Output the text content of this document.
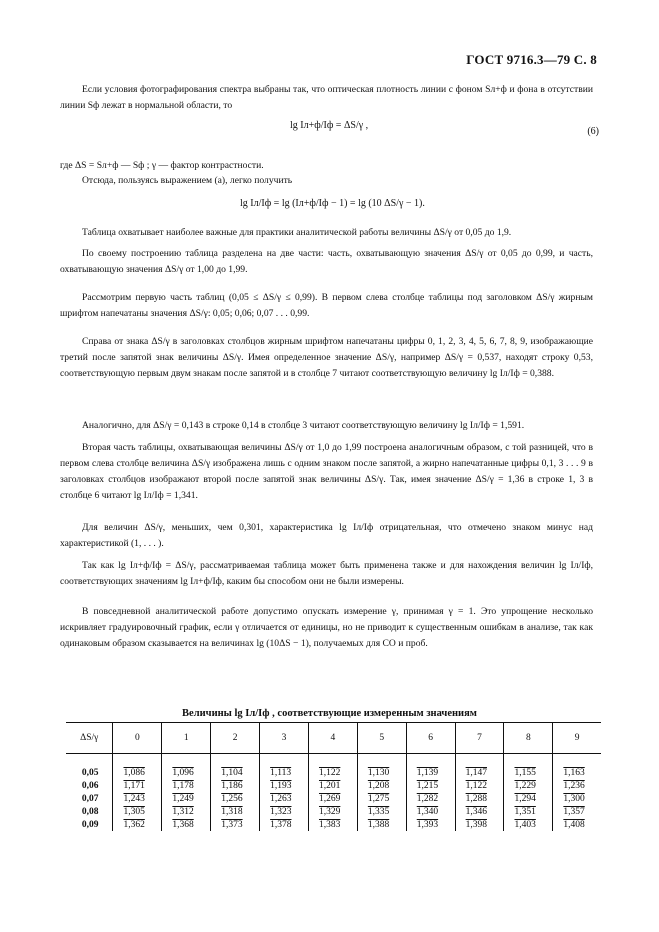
ГОСТ 9716.3—79 С. 8
Если условия фотографирования спектра выбраны так, что оптическая плотность линии с фоном Sл+ф и фона в отсутствии линии Sф лежат в нормальной области, то
lg Iл+ф/Iф = ΔS/γ ,
(6)
где ΔS = Sл+ф — Sф ; γ — фактор контрастности.
Отсюда, пользуясь выражением (а), легко получить
lg Iл/Iф = lg (Iл+ф/Iф − 1) = lg (10 ΔS/γ − 1).
Таблица охватывает наиболее важные для практики аналитической работы величины ΔS/γ от 0,05 до 1,9.
По своему построению таблица разделена на две части: часть, охватывающую значения ΔS/γ от 0,05 до 0,99, и часть, охватывающую значения ΔS/γ от 1,00 до 1,99.
Рассмотрим первую часть таблиц (0,05 ≤ ΔS/γ ≤ 0,99). В первом слева столбце таблицы под заголовком ΔS/γ жирным шрифтом напечатаны значения ΔS/γ: 0,05; 0,06; 0,07 . . . 0,99.
Справа от знака ΔS/γ в заголовках столбцов жирным шрифтом напечатаны цифры 0, 1, 2, 3, 4, 5, 6, 7, 8, 9, изображающие третий после запятой знак величины ΔS/γ. Имея определенное значение ΔS/γ, например ΔS/γ = 0,537, находят строку 0,53, соответствующую первым двум знакам после запятой и в столбце 7 читают соответствующую величину lg Iл/Iф = 0,388.
Аналогично, для ΔS/γ = 0,143 в строке 0,14 в столбце 3 читают соответствующую величину lg Iл/Iф = 1,591.
Вторая часть таблицы, охватывающая величины ΔS/γ от 1,0 до 1,99 построена аналогичным образом, с той разницей, что в первом слева столбце величина ΔS/γ изображена лишь с одним знаком после запятой, а жирно напечатанные цифры 0,1, 3 . . . 9 в заголовках столбцов изображают второй после запятой знак величины ΔS/γ. Так, имея значение ΔS/γ = 1,36 в строке 1, 3 в столбце 6 читают lg Iл/Iф = 1,341.
Для величин ΔS/γ, меньших, чем 0,301, характеристика lg Iл/Iф отрицательная, что отмечено знаком минус над характеристикой (1, . . . ).
Так как lg Iл+ф/Iф = ΔS/γ, рассматриваемая таблица может быть применена также и для нахождения величин lg Iл/Iф, соответствующих значениям lg Iл+ф/Iф, каким бы способом они не были измерены.
В повседневной аналитической работе допустимо опускать измерение γ, принимая γ = 1. Это упрощение несколько искривляет градуировочный график, если γ отличается от единицы, но не приводит к существенным ошибкам в анализе, так как одинаковым образом сказывается на величинах lg (10ΔS − 1), получаемых для СО и проб.
Величины lg Iл/Iф , соответствующие измеренным значениям
ΔS/γ	0	1	2	3	4	5	6	7	8	9
0,05	1,086	1,096	1,104	1,113	1,122	1,130	1,139	1,147	1,155	1,163
0,06	1,171	1,178	1,186	1,193	1,201	1,208	1,215	1,122	1,229	1,236
0,07	1,243	1,249	1,256	1,263	1,269	1,275	1,282	1,288	1,294	1,300
0,08	1,305	1,312	1,318	1,323	1,329	1,335	1,340	1,346	1,351	1,357
0,09	1,362	1,368	1,373	1,378	1,383	1,388	1,393	1,398	1,403	1,408
